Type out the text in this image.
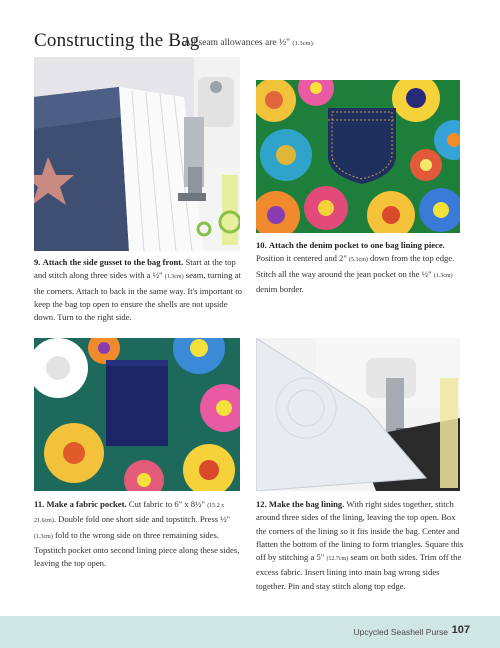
Constructing the Bag
All seam allowances are ½" (1.3cm).
9. Attach the side gusset to the bag front. Start at the top and stitch along three sides with a ½" (1.3cm) seam, turning at the corners. Attach to back in the same way. It's important to keep the bag top open to ensure the shells are not upside down. Turn to the right side.
10. Attach the denim pocket to one bag lining piece. Position it centered and 2" (5.1cm) down from the top edge. Stitch all the way around the jean pocket on the ½" (1.3cm) denim border.
11. Make a fabric pocket. Cut fabric to 6" x 8½" (15.2 x 21.6cm). Double fold one short side and topstitch. Press ½" (1.3cm) fold to the wrong side on three remaining sides. Topstitch pocket onto second lining piece along these sides, leaving the top open.
12. Make the bag lining. With right sides together, stitch around three sides of the lining, leaving the top open. Box the corners of the lining so it fits inside the bag. Center and flatten the bottom of the lining to form triangles. Square this off by stitching a 5" (12.7cm) seam on both sides. Trim off the excess fabric. Insert lining into main bag wrong sides together. Pin and stay stitch along top edge.
Upcycled Seashell Purse 107
